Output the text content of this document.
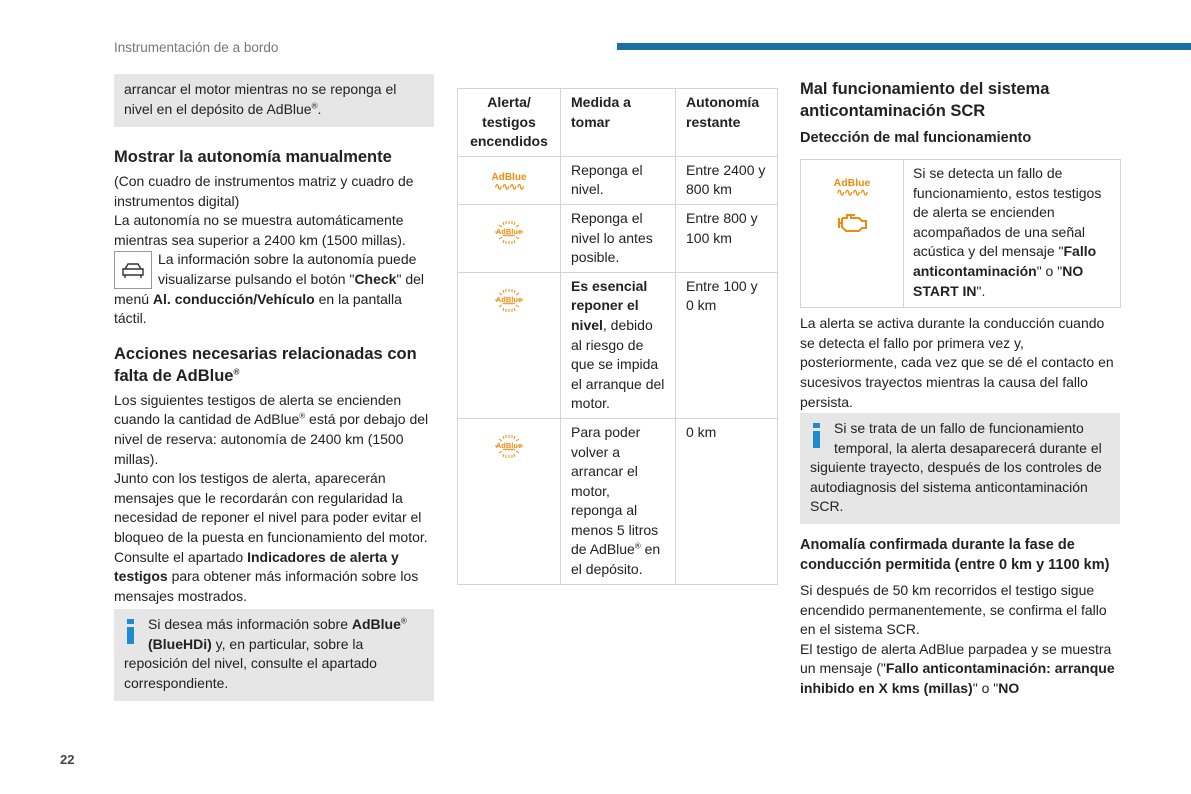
Instrumentación de a bordo
22

arrancar el motor mientras no se reponga el nivel en el depósito de AdBlue®.

Mostrar la autonomía manualmente

(Con cuadro de instrumentos matriz y cuadro de instrumentos digital)

La autonomía no se muestra automáticamente mientras sea superior a 2400 km (1500 millas).

La información sobre la autonomía puede visualizarse pulsando el botón "Check" del menú Al. conducción/Vehículo en la pantalla táctil.

Acciones necesarias relacionadas con falta de AdBlue®

Los siguientes testigos de alerta se encienden cuando la cantidad de AdBlue® está por debajo del nivel de reserva: autonomía de 2400 km (1500 millas).

Junto con los testigos de alerta, aparecerán mensajes que le recordarán con regularidad la necesidad de reponer el nivel para poder evitar el bloqueo de la puesta en funcionamiento del motor. Consulte el apartado Indicadores de alerta y testigos para obtener más información sobre los mensajes mostrados.

Si desea más información sobre AdBlue® (BlueHDi) y, en particular, sobre la reposición del nivel, consulte el apartado correspondiente.

Alerta/ testigos encendidos	Medida a tomar	Autonomía restante

AdBlue
∿∿∿∿	Reponga el nivel.	Entre 2400 y 800 km

AdBlue	Reponga el nivel lo antes posible.	Entre 800 y 100 km

AdBlue	Es esencial reponer el nivel, debido al riesgo de que se impida el arranque del motor.	Entre 100 y 0 km

AdBlue	Para poder volver a arrancar el motor, reponga al menos 5 litros de AdBlue® en el depósito.	0 km
Mal funcionamiento del sistema anticontaminación SCR
Detección de mal funcionamiento
AdBlue
∿∿∿∿
	Si se detecta un fallo de funcionamiento, estos testigos de alerta se encienden acompañados de una señal acústica y del mensaje "Fallo anticontaminación" o "NO START IN".

La alerta se activa durante la conducción cuando se detecta el fallo por primera vez y, posteriormente, cada vez que se dé el contacto en sucesivos trayectos mientras la causa del fallo persista.

Si se trata de un fallo de funcionamiento temporal, la alerta desaparecerá durante el siguiente trayecto, después de los controles de autodiagnosis del sistema anticontaminación SCR.

Anomalía confirmada durante la fase de conducción permitida (entre 0 km y 1100 km)

Si después de 50 km recorridos el testigo sigue encendido permanentemente, se confirma el fallo en el sistema SCR.

El testigo de alerta AdBlue parpadea y se muestra un mensaje ("Fallo anticontaminación: arranque inhibido en X kms (millas)" o "NO
